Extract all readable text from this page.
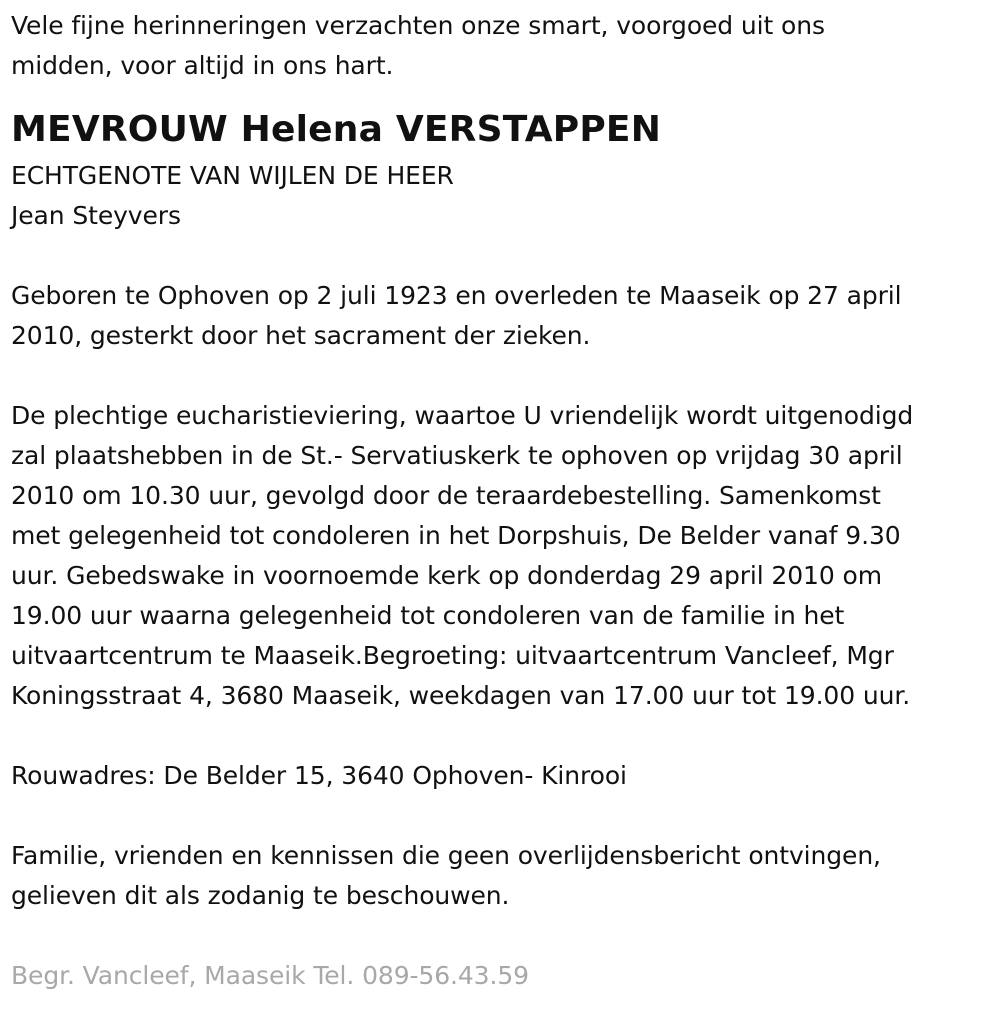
Vele fijne herinneringen verzachten onze smart, voorgoed uit ons

midden, voor altijd in ons hart.

MEVROUW Helena VERSTAPPEN

ECHTGENOTE VAN WIJLEN DE HEER

Jean Steyvers

Geboren te Ophoven op 2 juli 1923 en overleden te Maaseik op 27 april

2010, gesterkt door het sacrament der zieken.

De plechtige eucharistieviering, waartoe U vriendelijk wordt uitgenodigd

zal plaatshebben in de St.- Servatiuskerk te ophoven op vrijdag 30 april

2010 om 10.30 uur, gevolgd door de teraardebestelling. Samenkomst

met gelegenheid tot condoleren in het Dorpshuis, De Belder vanaf 9.30

uur. Gebedswake in voornoemde kerk op donderdag 29 april 2010 om

19.00 uur waarna gelegenheid tot condoleren van de familie in het

uitvaartcentrum te Maaseik.Begroeting: uitvaartcentrum Vancleef, Mgr

Koningsstraat 4, 3680 Maaseik, weekdagen van 17.00 uur tot 19.00 uur.

Rouwadres: De Belder 15, 3640 Ophoven- Kinrooi

Familie, vrienden en kennissen die geen overlijdensbericht ontvingen,

gelieven dit als zodanig te beschouwen.

Begr. Vancleef, Maaseik Tel. 089-56.43.59
